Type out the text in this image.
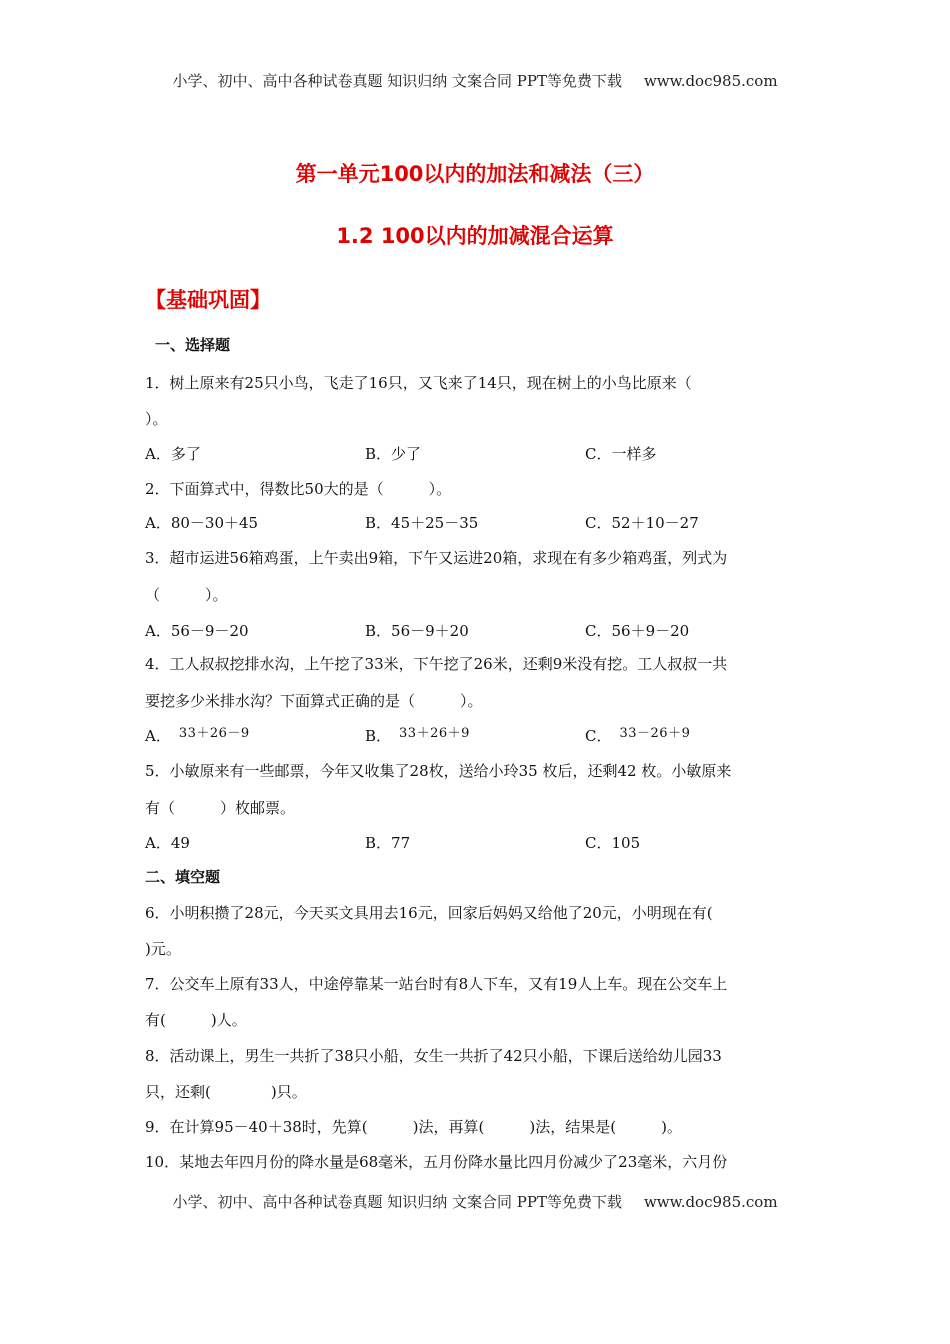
小学、初中、高中各种试卷真题 知识归纳 文案合同 PPT等免费下载 www.doc985.com
第一单元100以内的加法和减法（三）
1.2 100以内的加减混合运算
【基础巩固】
一、选择题
1．树上原来有25只小鸟，飞走了16只，又飞来了14只，现在树上的小鸟比原来（
）。
A．多了	B．少了	C．一样多
2．下面算式中，得数比50大的是（　　　）。
A．80－30＋45	B．45＋25－35	C．52＋10－27
3．超市运进56箱鸡蛋，上午卖出9箱，下午又运进20箱，求现在有多少箱鸡蛋，列式为
（　　　）。
A．56－9－20	B．56－9＋20	C．56＋9－20
4．工人叔叔挖排水沟，上午挖了33米，下午挖了26米，还剩9米没有挖。工人叔叔一共
要挖多少米排水沟？下面算式正确的是（　　　）。
A． 33＋26－9	B． 33＋26＋9	C． 33－26＋9
5．小敏原来有一些邮票，今年又收集了28枚，送给小玲35 枚后，还剩42 枚。小敏原来
有（　　　）枚邮票。
A．49	B．77	C．105
二、填空题
6．小明积攒了28元，今天买文具用去16元，回家后妈妈又给他了20元，小明现在有(
)元。
7．公交车上原有33人，中途停靠某一站台时有8人下车，又有19人上车。现在公交车上
有(　　　)人。
8．活动课上，男生一共折了38只小船，女生一共折了42只小船，下课后送给幼儿园33
只，还剩(　　　　)只。
9．在计算95－40＋38时，先算(　　　)法，再算(　　　)法，结果是(　　　)。
10．某地去年四月份的降水量是68毫米，五月份降水量比四月份减少了23毫米，六月份
小学、初中、高中各种试卷真题 知识归纳 文案合同 PPT等免费下载 www.doc985.com
